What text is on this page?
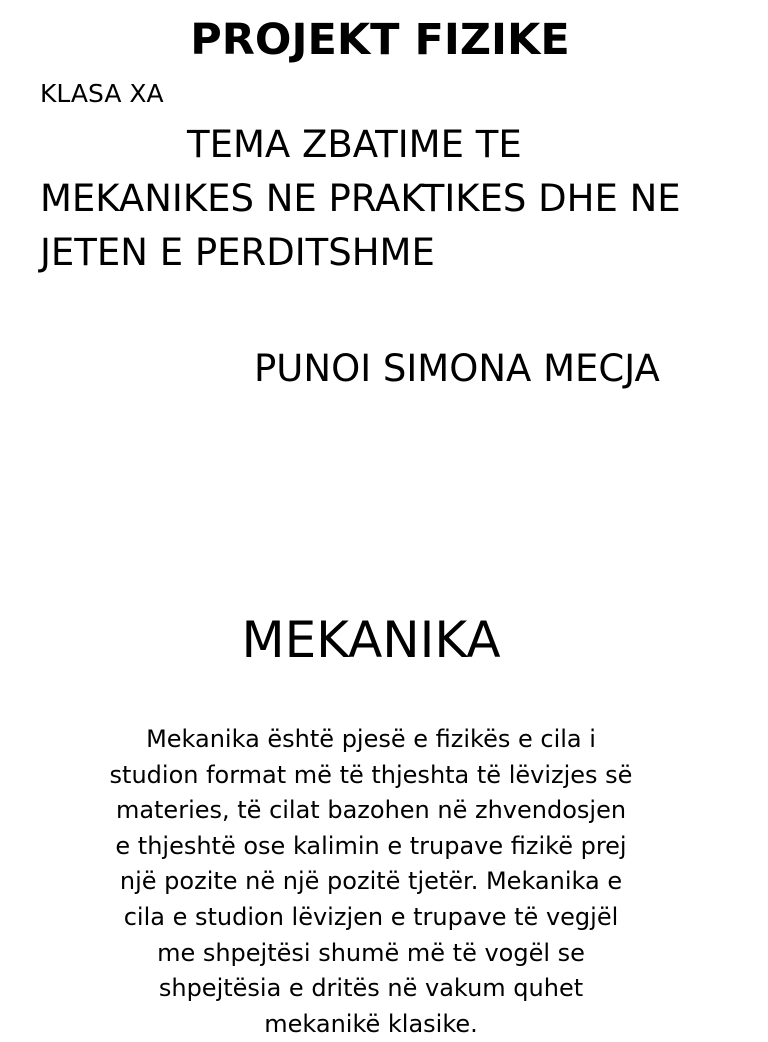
PROJEKT FIZIKE
KLASA XA
TEMA ZBATIME TE
MEKANIKES NE PRAKTIKES DHE NE
JETEN E PERDITSHME
PUNOI SIMONA MECJA
MEKANIKA
Mekanika është pjesë e fizikës e cila i
studion format më të thjeshta të lëvizjes së
materies, të cilat bazohen në zhvendosjen
e thjeshtë ose kalimin e trupave fizikë prej
një pozite në një pozitë tjetër. Mekanika e
cila e studion lëvizjen e trupave të vegjël
me shpejtësi shumë më të vogël se
shpejtësia e dritës në vakum quhet
mekanikë klasike.
